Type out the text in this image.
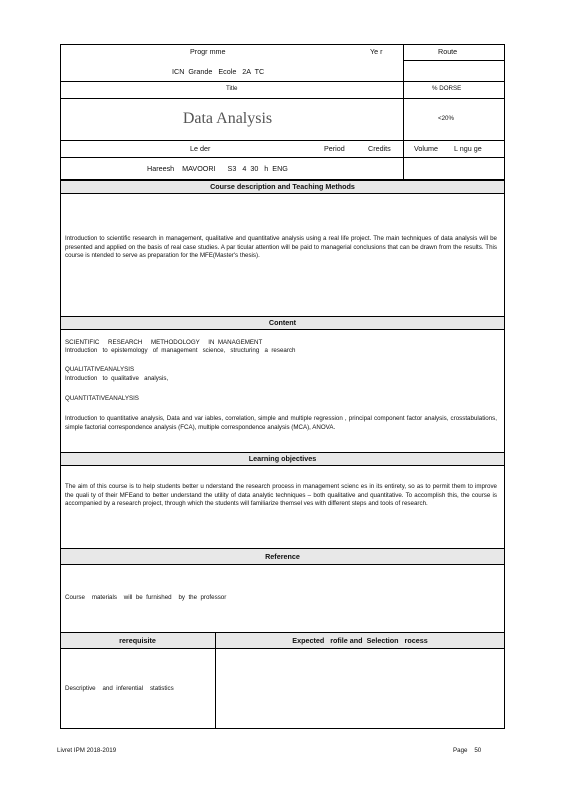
Progr mme	Ye r	Route
ICN  Grande   Ecole   2A  TC
Title	% DORSE
Data Analysis	<20%
Le der	Period	Credits	Volume L ngu ge
Hareesh    MAVOORI      S3   4  30   h  ENG
Course description and Teaching Methods
Introduction to scientific research in management, qualitative and quantitative analysis using a real life project. The main techniques of data analysis will be presented and applied on the basis of real case studies. A par ticular attention will be paid to managerial conclusions that can be drawn from the results. This course is ntended to serve as preparation for the MFE(Master's thesis).
Content
SCIENTIFIC     RESEARCH     METHODOLOGY     IN  MANAGEMENT
Introduction   to  epistemology   of  management   science,   structuring   a  research
QUALITATIVEANALYSIS
Introduction   to  qualitative   analysis,
QUANTITATIVEANALYSIS
Introduction to quantitative analysis, Data and var iables, correlation, simple and multiple regression , principal component factor analysis, crosstabulations, simple factorial correspondence analysis (FCA), multiple correspondence analysis (MCA), ANOVA.
Learning objectives
The aim of this course is to help students better u nderstand the research process in management scienc es in its entirety, so as to permit them to improve the quali ty of their MFEand to better understand the utility of data analytic techniques – both qualitative and quantitative. To accomplish this, the course is accompanied by a research project, through which the students will familiarize themsel ves with different steps and tools of research.
Reference
Course    materials    will  be  furnished    by  the  professor
rerequisite	Expected   rofile and  Selection   rocess
Descriptive    and  inferential    statistics
Livret IPM 2018-2019	Page    50
